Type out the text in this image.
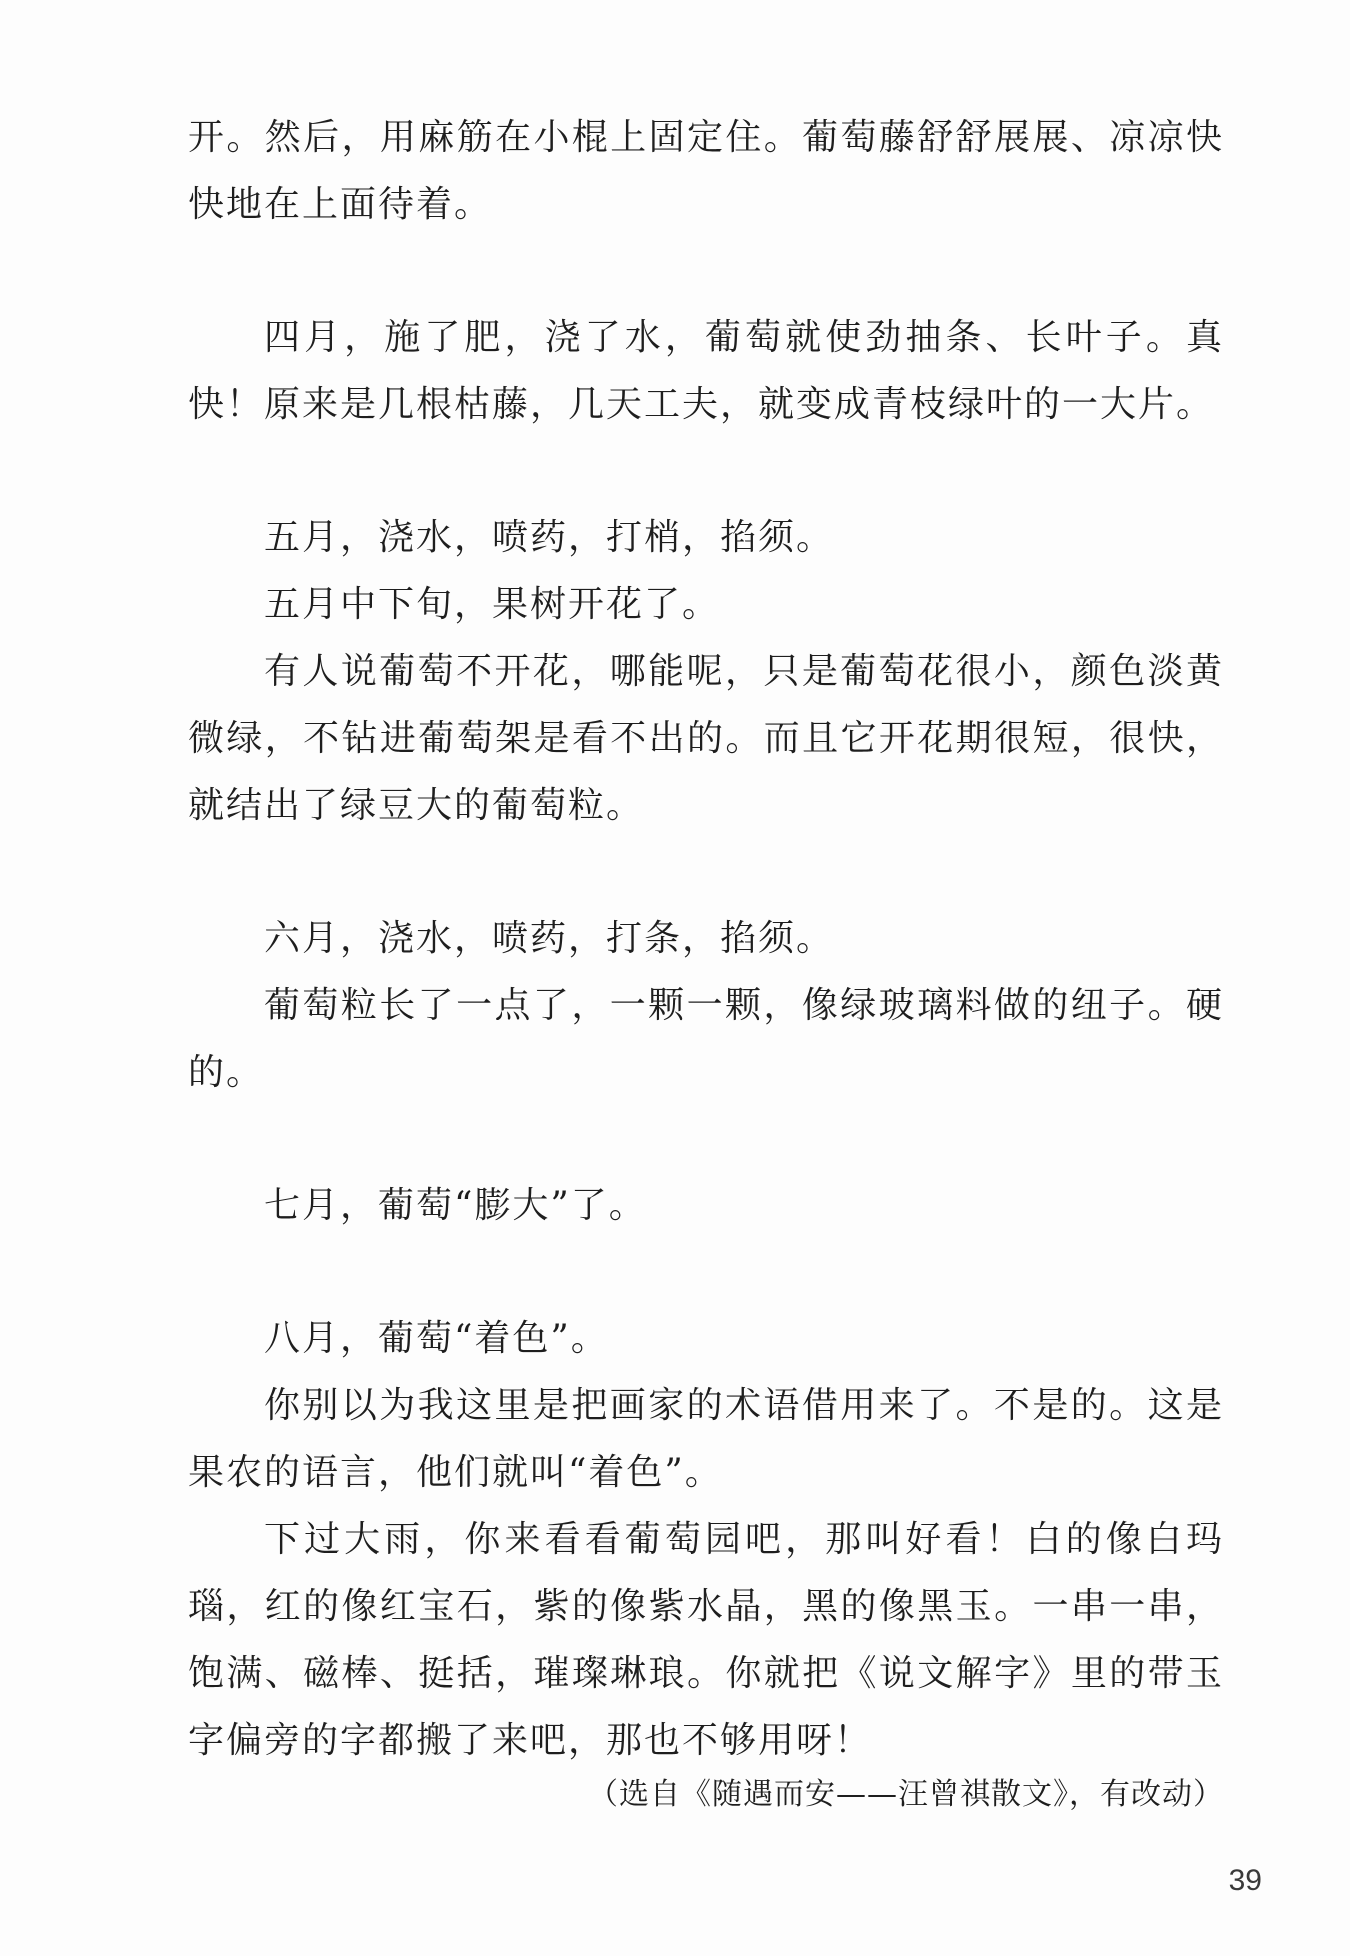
开。然后，用麻筋在小棍上固定住。葡萄藤舒舒展展、凉凉快快地在上面待着。

四月，施了肥，浇了水，葡萄就使劲抽条、长叶子。真快！原来是几根枯藤，几天工夫，就变成青枝绿叶的一大片。

五月，浇水，喷药，打梢，掐须。

五月中下旬，果树开花了。

有人说葡萄不开花，哪能呢，只是葡萄花很小，颜色淡黄微绿，不钻进葡萄架是看不出的。而且它开花期很短，很快，就结出了绿豆大的葡萄粒。

六月，浇水，喷药，打条，掐须。

葡萄粒长了一点了，一颗一颗，像绿玻璃料做的纽子。硬的。

七月，葡萄“膨大”了。

八月，葡萄“着色”。

你别以为我这里是把画家的术语借用来了。不是的。这是果农的语言，他们就叫“着色”。

下过大雨，你来看看葡萄园吧，那叫好看！白的像白玛瑙，红的像红宝石，紫的像紫水晶，黑的像黑玉。一串一串，饱满、磁棒、挺括，璀璨琳琅。你就把《说文解字》里的带玉字偏旁的字都搬了来吧，那也不够用呀！

（选自《随遇而安——汪曾祺散文》，有改动）
39
